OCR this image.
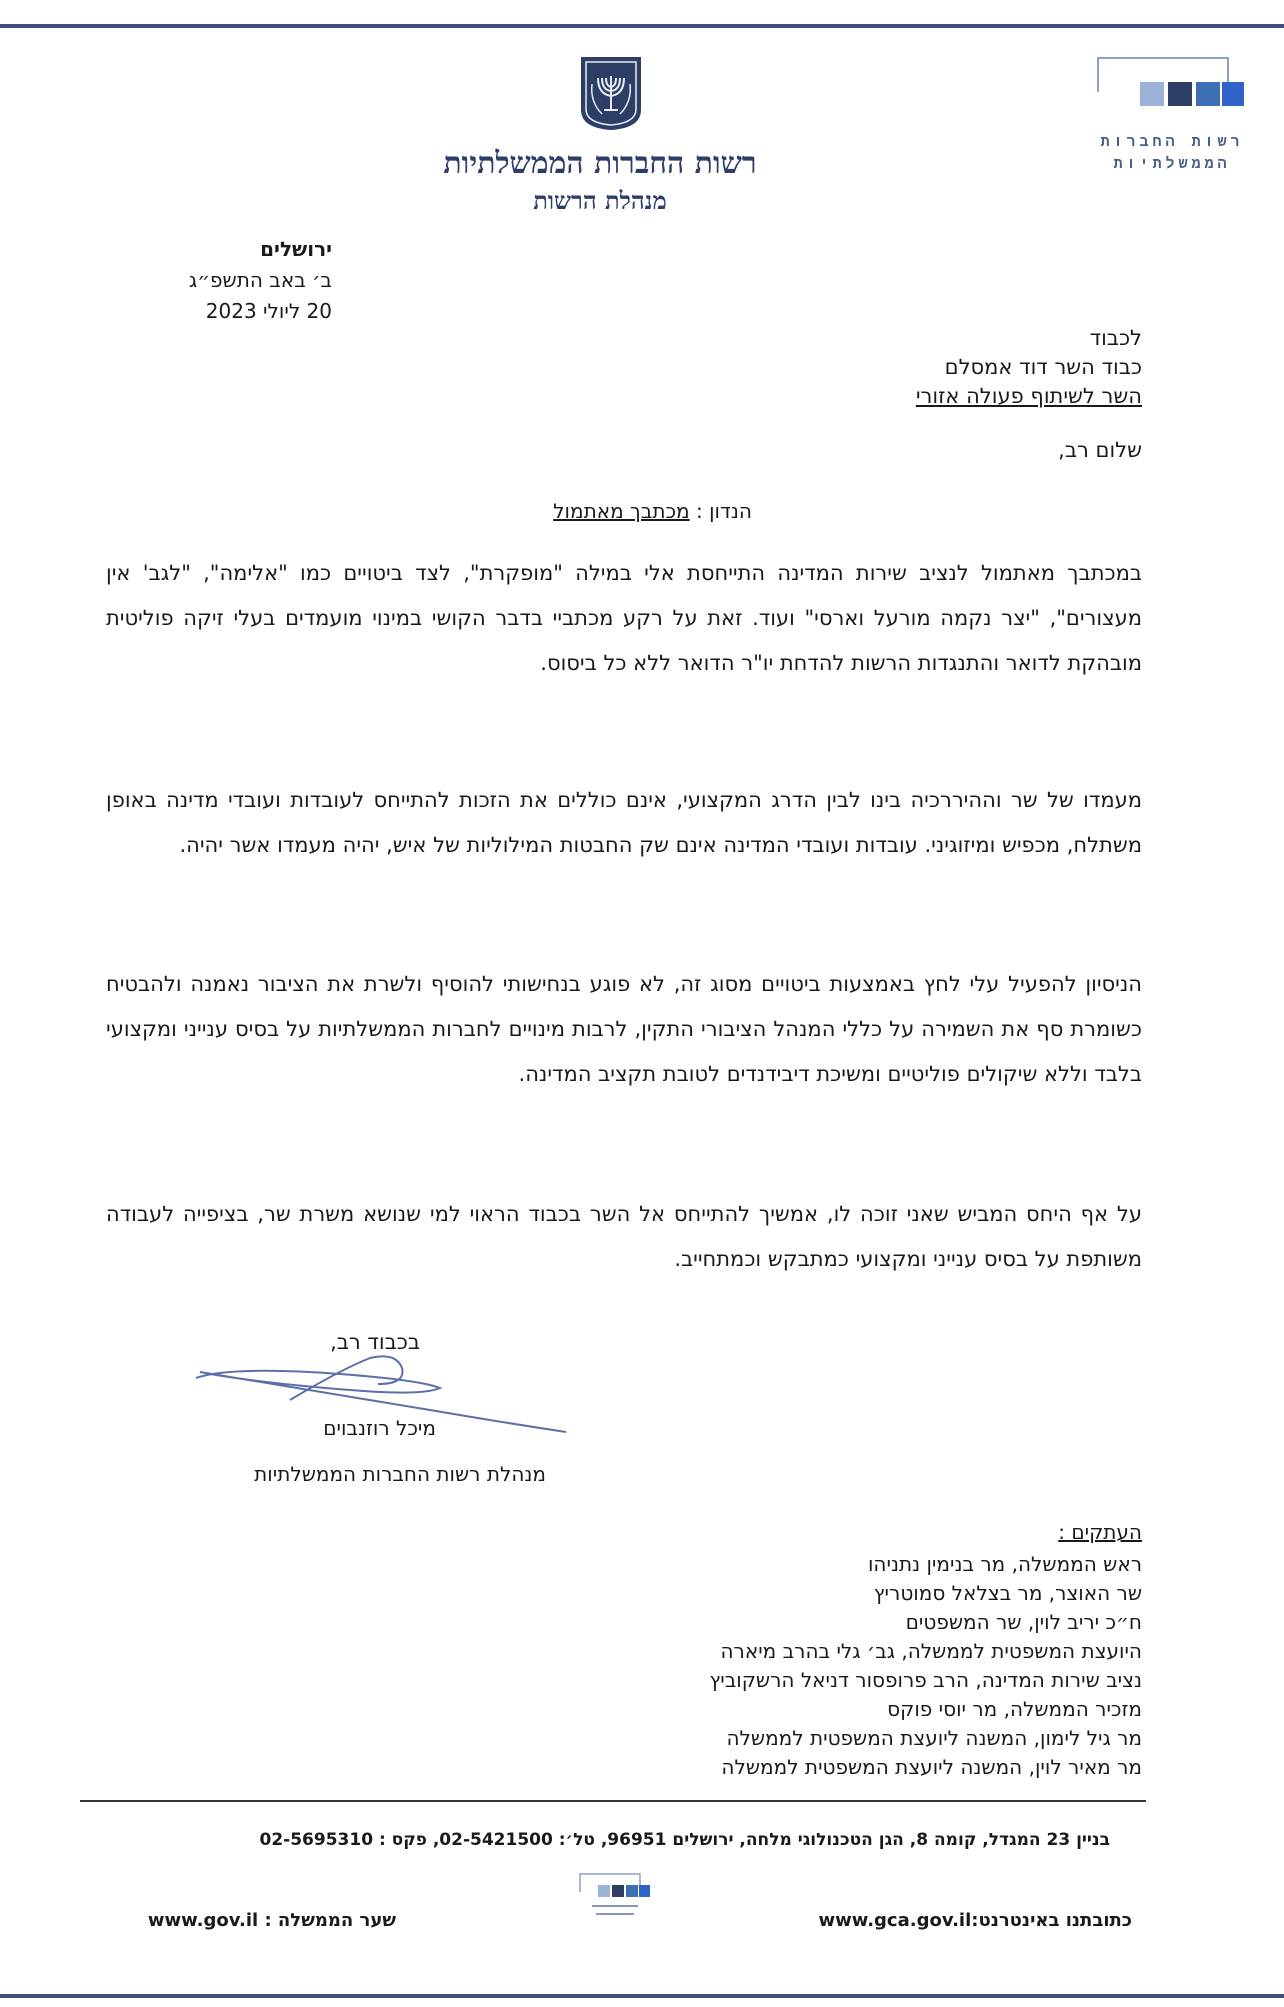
רשות החברות
הממשלתיות
רשות החברות הממשלתיות
מנהלת הרשות
ירושלים
ב׳ באב התשפ״ג
20 ליולי 2023
לכבוד
כבוד השר דוד אמסלם
השר לשיתוף פעולה אזורי
שלום רב,
הנדון : מכתבך מאתמול
במכתבך מאתמול לנציב שירות המדינה התייחסת אלי במילה "מופקרת", לצד ביטויים כמו "אלימה", "לגב' אין מעצורים", "יצר נקמה מורעל וארסי" ועוד. זאת על רקע מכתביי בדבר הקושי במינוי מועמדים בעלי זיקה פוליטית מובהקת לדואר והתנגדות הרשות להדחת יו"ר הדואר ללא כל ביסוס.
מעמדו של שר וההיררכיה בינו לבין הדרג המקצועי, אינם כוללים את הזכות להתייחס לעובדות ועובדי מדינה באופן משתלח, מכפיש ומיזוגיני. עובדות ועובדי המדינה אינם שק החבטות המילוליות של איש, יהיה מעמדו אשר יהיה.
הניסיון להפעיל עלי לחץ באמצעות ביטויים מסוג זה, לא פוגע בנחישותי להוסיף ולשרת את הציבור נאמנה ולהבטיח כשומרת סף את השמירה על כללי המנהל הציבורי התקין, לרבות מינויים לחברות הממשלתיות על בסיס ענייני ומקצועי בלבד וללא שיקולים פוליטיים ומשיכת דיבידנדים לטובת תקציב המדינה.
על אף היחס המביש שאני זוכה לו, אמשיך להתייחס אל השר בכבוד הראוי למי שנושא משרת שר, בציפייה לעבודה משותפת על בסיס ענייני ומקצועי כמתבקש וכמתחייב.
בכבוד רב,
מיכל רוזנבוים
מנהלת רשות החברות הממשלתיות
העתקים :
ראש הממשלה, מר בנימין נתניהו
שר האוצר, מר בצלאל סמוטריץ
ח״כ יריב לוין, שר המשפטים
היועצת המשפטית לממשלה, גב׳ גלי בהרב מיארה
נציב שירות המדינה, הרב פרופסור דניאל הרשקוביץ
מזכיר הממשלה, מר יוסי פוקס
מר גיל לימון, המשנה ליועצת המשפטית לממשלה
מר מאיר לוין, המשנה ליועצת המשפטית לממשלה
בניין 23 המגדל, קומה 8, הגן הטכנולוגי מלחה, ירושלים 96951, טל׳: 02-5421500, פקס : 02-5695310
שער הממשלה : www.gov.il	כתובתנו באינטרנט:www.gca.gov.il
